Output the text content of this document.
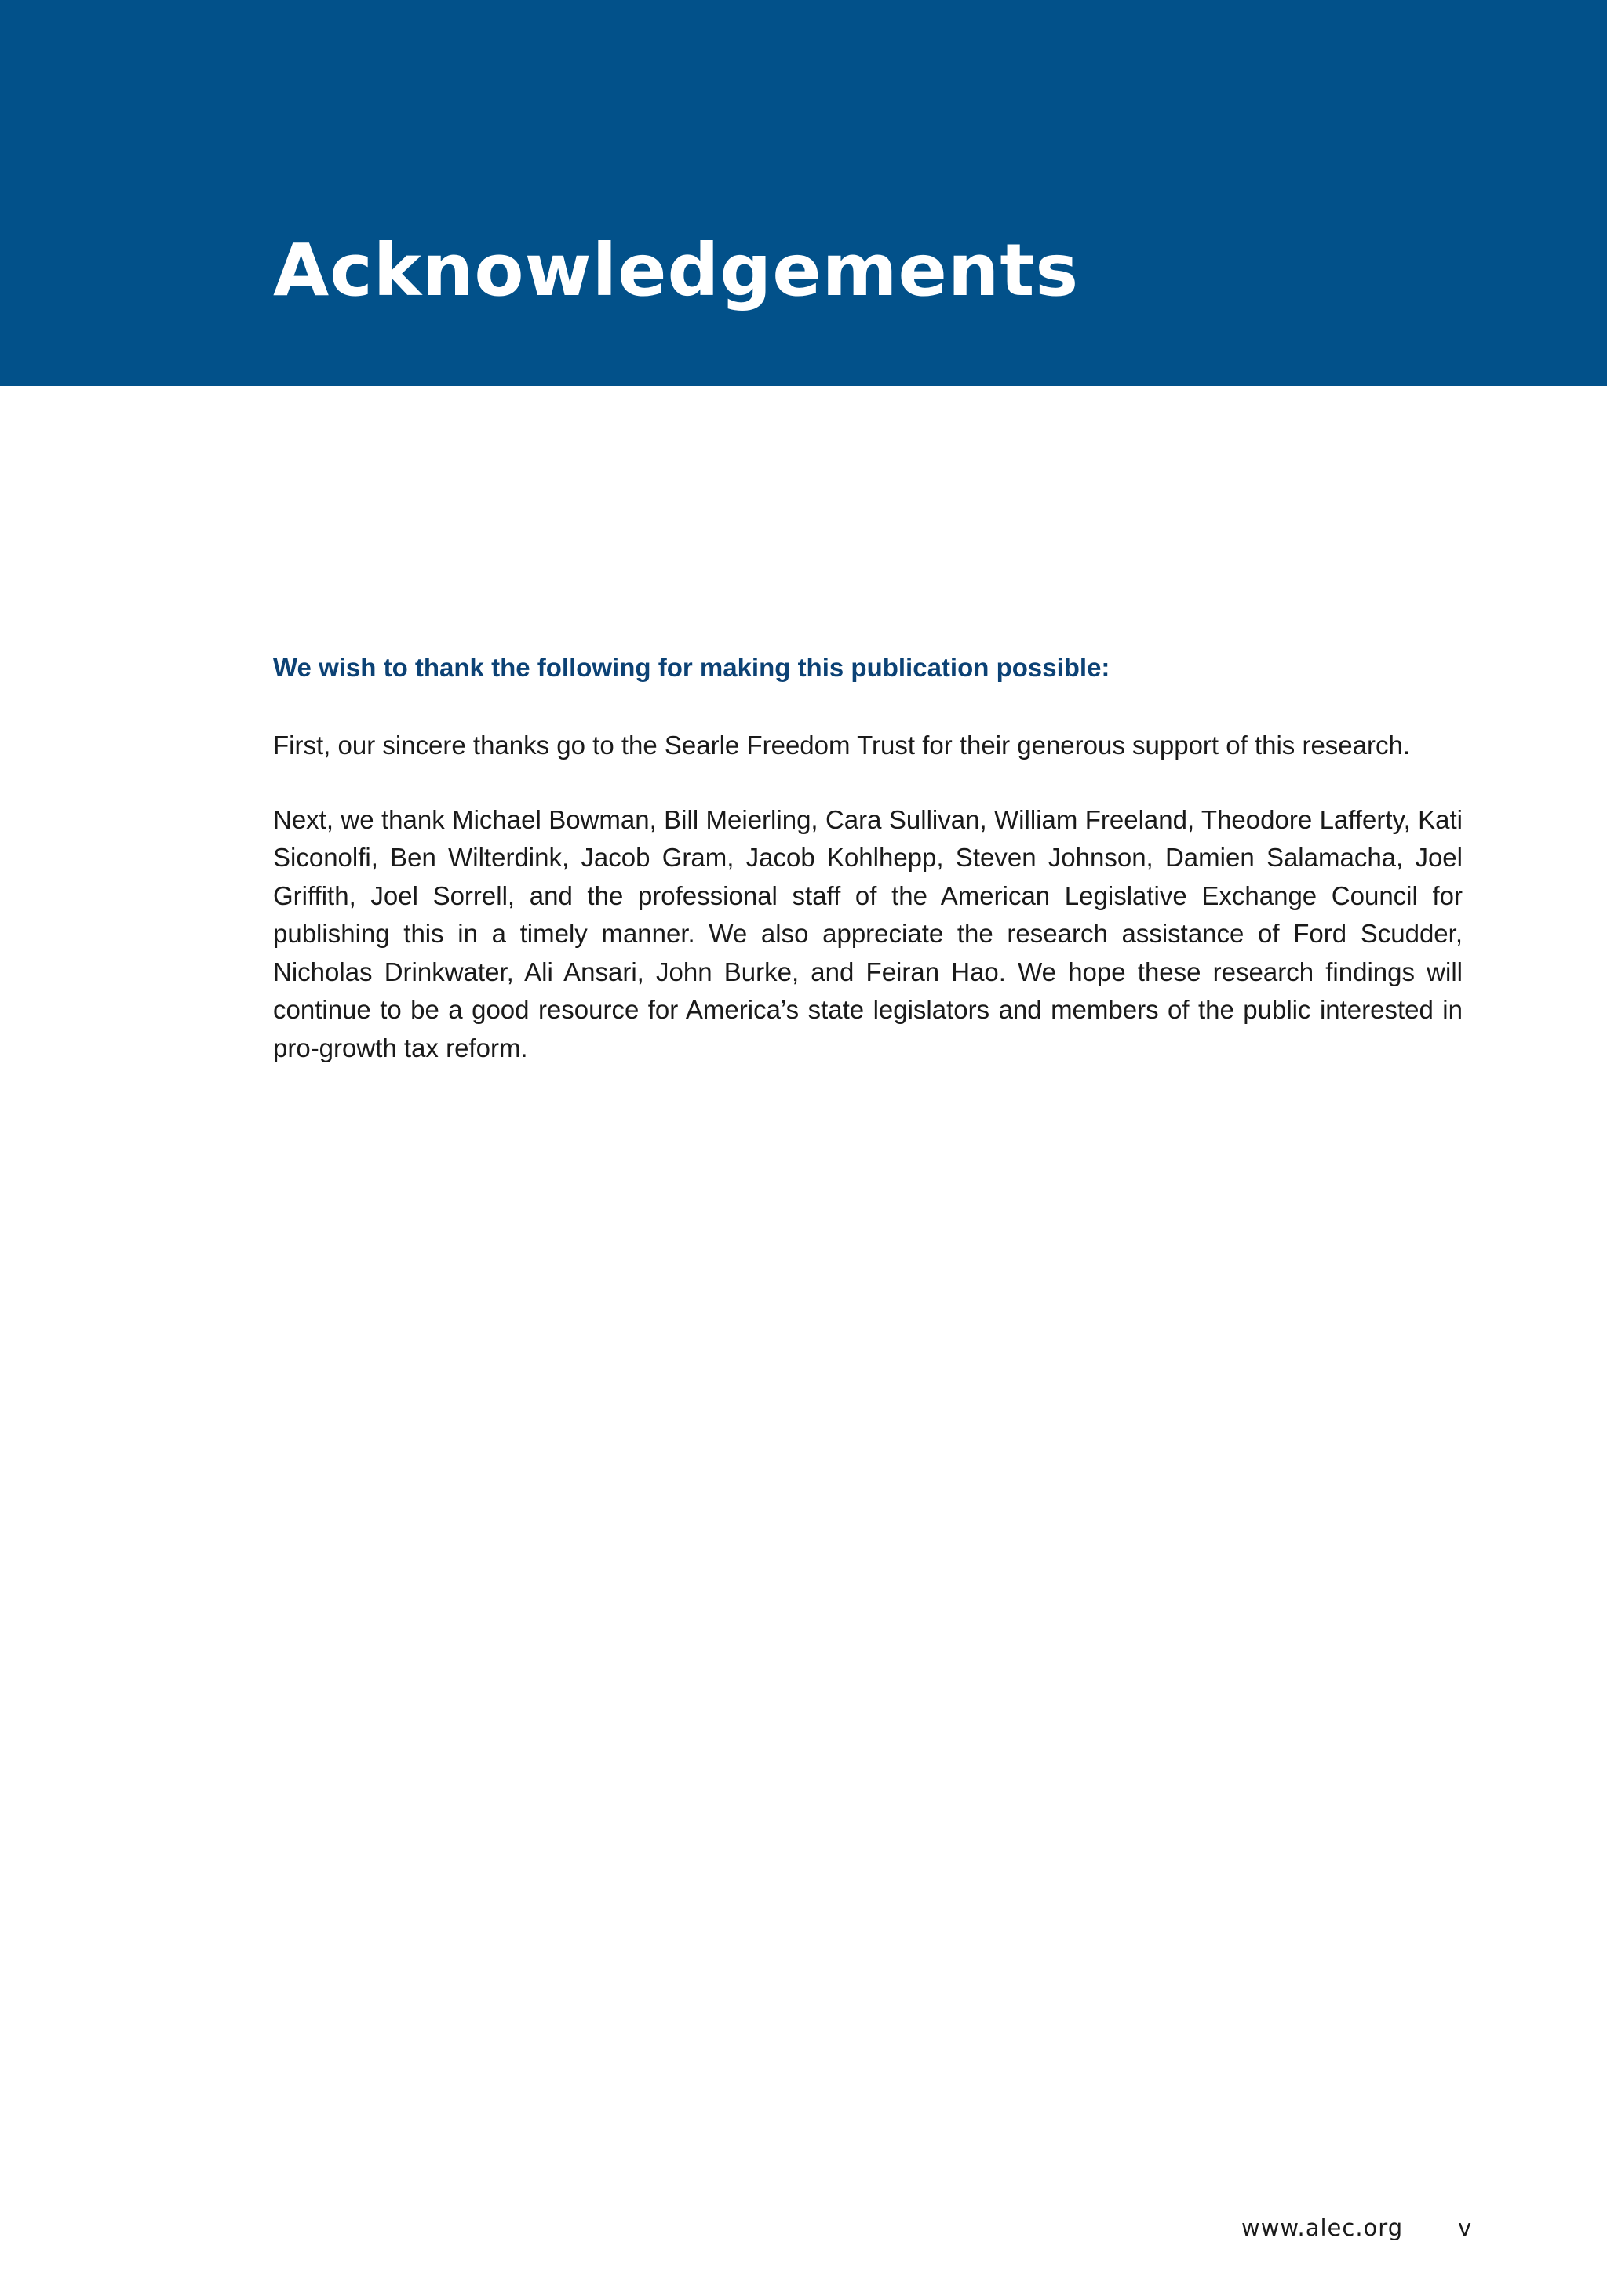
Acknowledgements

We wish to thank the following for making this publication possible:

First, our sincere thanks go to the Searle Freedom Trust for their generous support of this research.

Next, we thank Michael Bowman, Bill Meierling, Cara Sullivan, William Freeland, Theodore Lafferty, Kati Siconolfi, Ben Wilterdink, Jacob Gram, Jacob Kohlhepp, Steven Johnson, Damien Salamacha, Joel Griffith, Joel Sorrell, and the professional staff of the American Legislative Exchange Council for publishing this in a timely manner. We also appreciate the research assistance of Ford Scudder, Nicholas Drinkwater, Ali Ansari, John Burke, and Feiran Hao. We hope these research findings will continue to be a good resource for America’s state legislators and members of the public interested in pro-growth tax reform.

www.alec.org v
